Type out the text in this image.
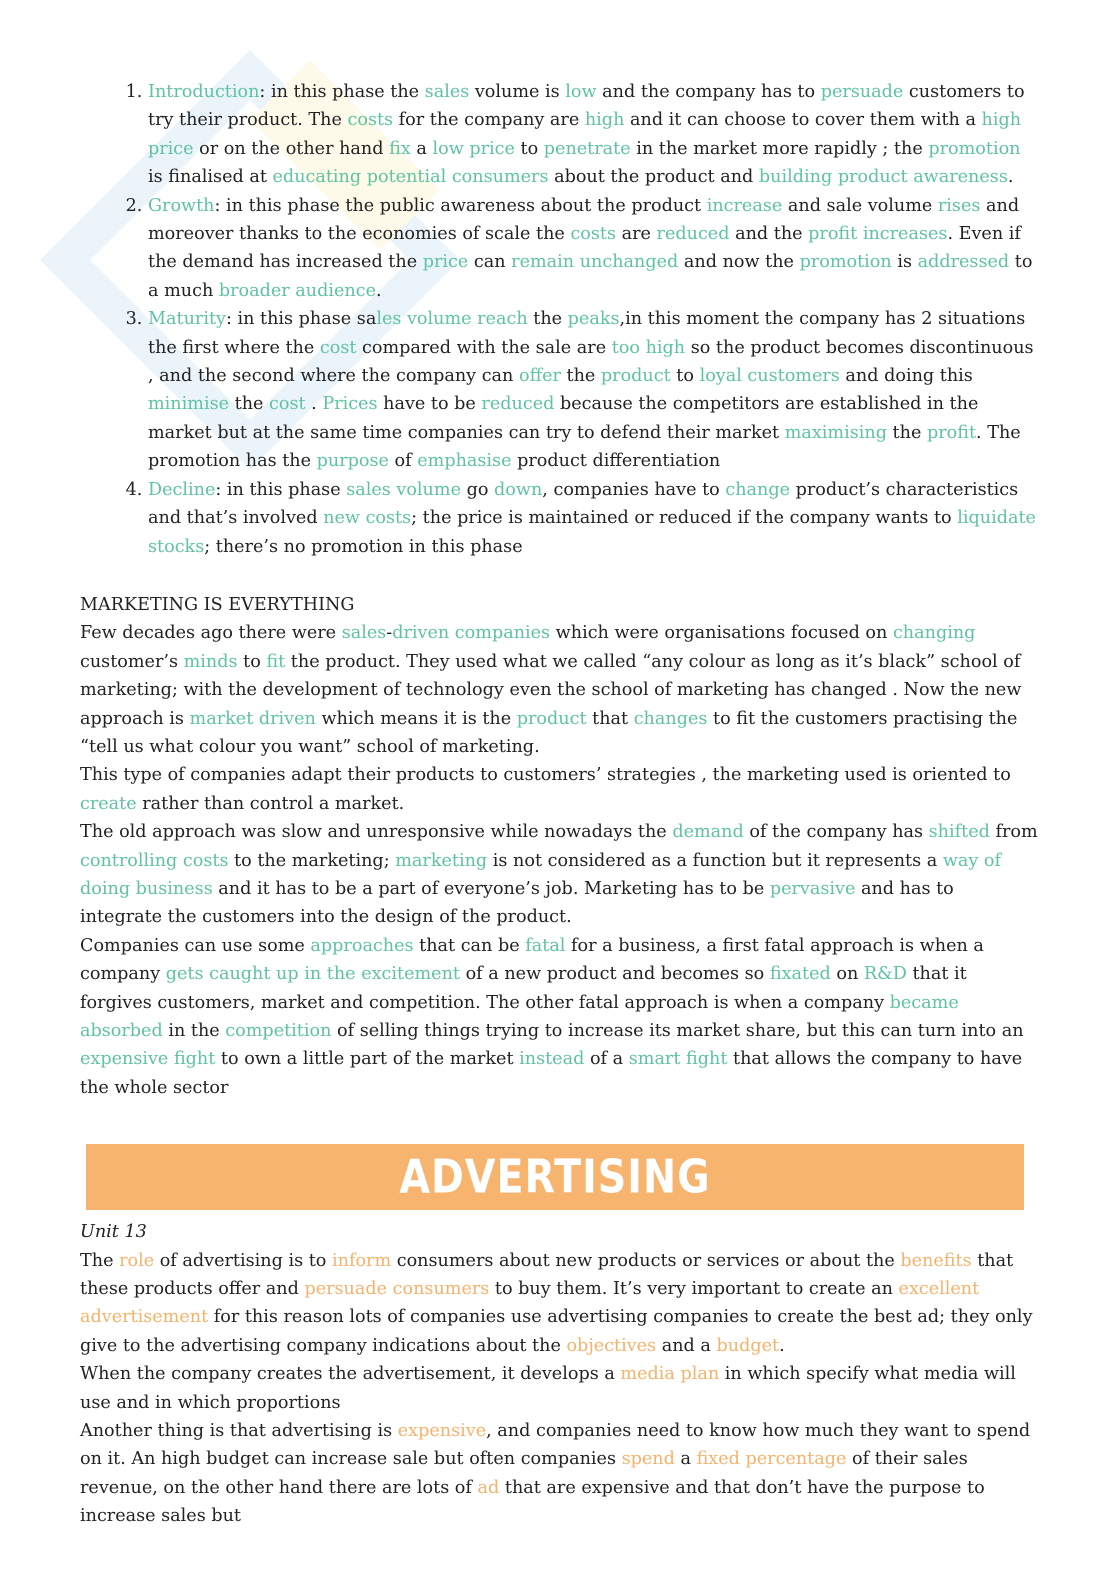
1. Introduction: in this phase the sales volume is low and the company has to persuade customers to try their product. The costs for the company are high and it can choose to cover them with a high price or on the other hand fix a low price to penetrate in the market more rapidly ; the promotion is finalised at educating potential consumers about the product and building product awareness.
2. Growth: in this phase the public awareness about the product increase and sale volume rises and moreover thanks to the economies of scale the costs are reduced and the profit increases. Even if the demand has increased the price can remain unchanged and now the promotion is addressed to a much broader audience.
3. Maturity: in this phase sales volume reach the peaks,in this moment the company has 2 situations the first where the cost compared with the sale are too high so the product becomes discontinuous , and the second where the company can offer the product to loyal customers and doing this minimise the cost . Prices have to be reduced because the competitors are established in the market but at the same time companies can try to defend their market maximising the profit. The promotion has the purpose of emphasise product differentiation
4. Decline: in this phase sales volume go down, companies have to change product’s characteristics and that’s involved new costs; the price is maintained or reduced if the company wants to liquidate stocks; there’s no promotion in this phase

MARKETING IS EVERYTHING

Few decades ago there were sales-driven companies which were organisations focused on changing customer’s minds to fit the product. They used what we called “any colour as long as it’s black” school of marketing; with the development of technology even the school of marketing has changed . Now the new approach is market driven which means it is the product that changes to fit the customers practising the “tell us what colour you want” school of marketing.

This type of companies adapt their products to customers’ strategies , the marketing used is oriented to create rather than control a market.

The old approach was slow and unresponsive while nowadays the demand of the company has shifted from controlling costs to the marketing; marketing is not considered as a function but it represents a way of doing business and it has to be a part of everyone’s job. Marketing has to be pervasive and has to integrate the customers into the design of the product.

Companies can use some approaches that can be fatal for a business, a first fatal approach is when a company gets caught up in the excitement of a new product and becomes so fixated on R&D that it forgives customers, market and competition. The other fatal approach is when a company became absorbed in the competition of selling things trying to increase its market share, but this can turn into an expensive fight to own a little part of the market instead of a smart fight that allows the company to have the whole sector

ADVERTISING

Unit 13

The role of advertising is to inform consumers about new products or services or about the benefits that these products offer and persuade consumers to buy them. It’s very important to create an excellent advertisement for this reason lots of companies use advertising companies to create the best ad; they only give to the advertising company indications about the objectives and a budget.

When the company creates the advertisement, it develops a media plan in which specify what media will use and in which proportions

Another thing is that advertising is expensive, and companies need to know how much they want to spend on it. An high budget can increase sale but often companies spend a fixed percentage of their sales revenue, on the other hand there are lots of ad that are expensive and that don’t have the purpose to increase sales but
